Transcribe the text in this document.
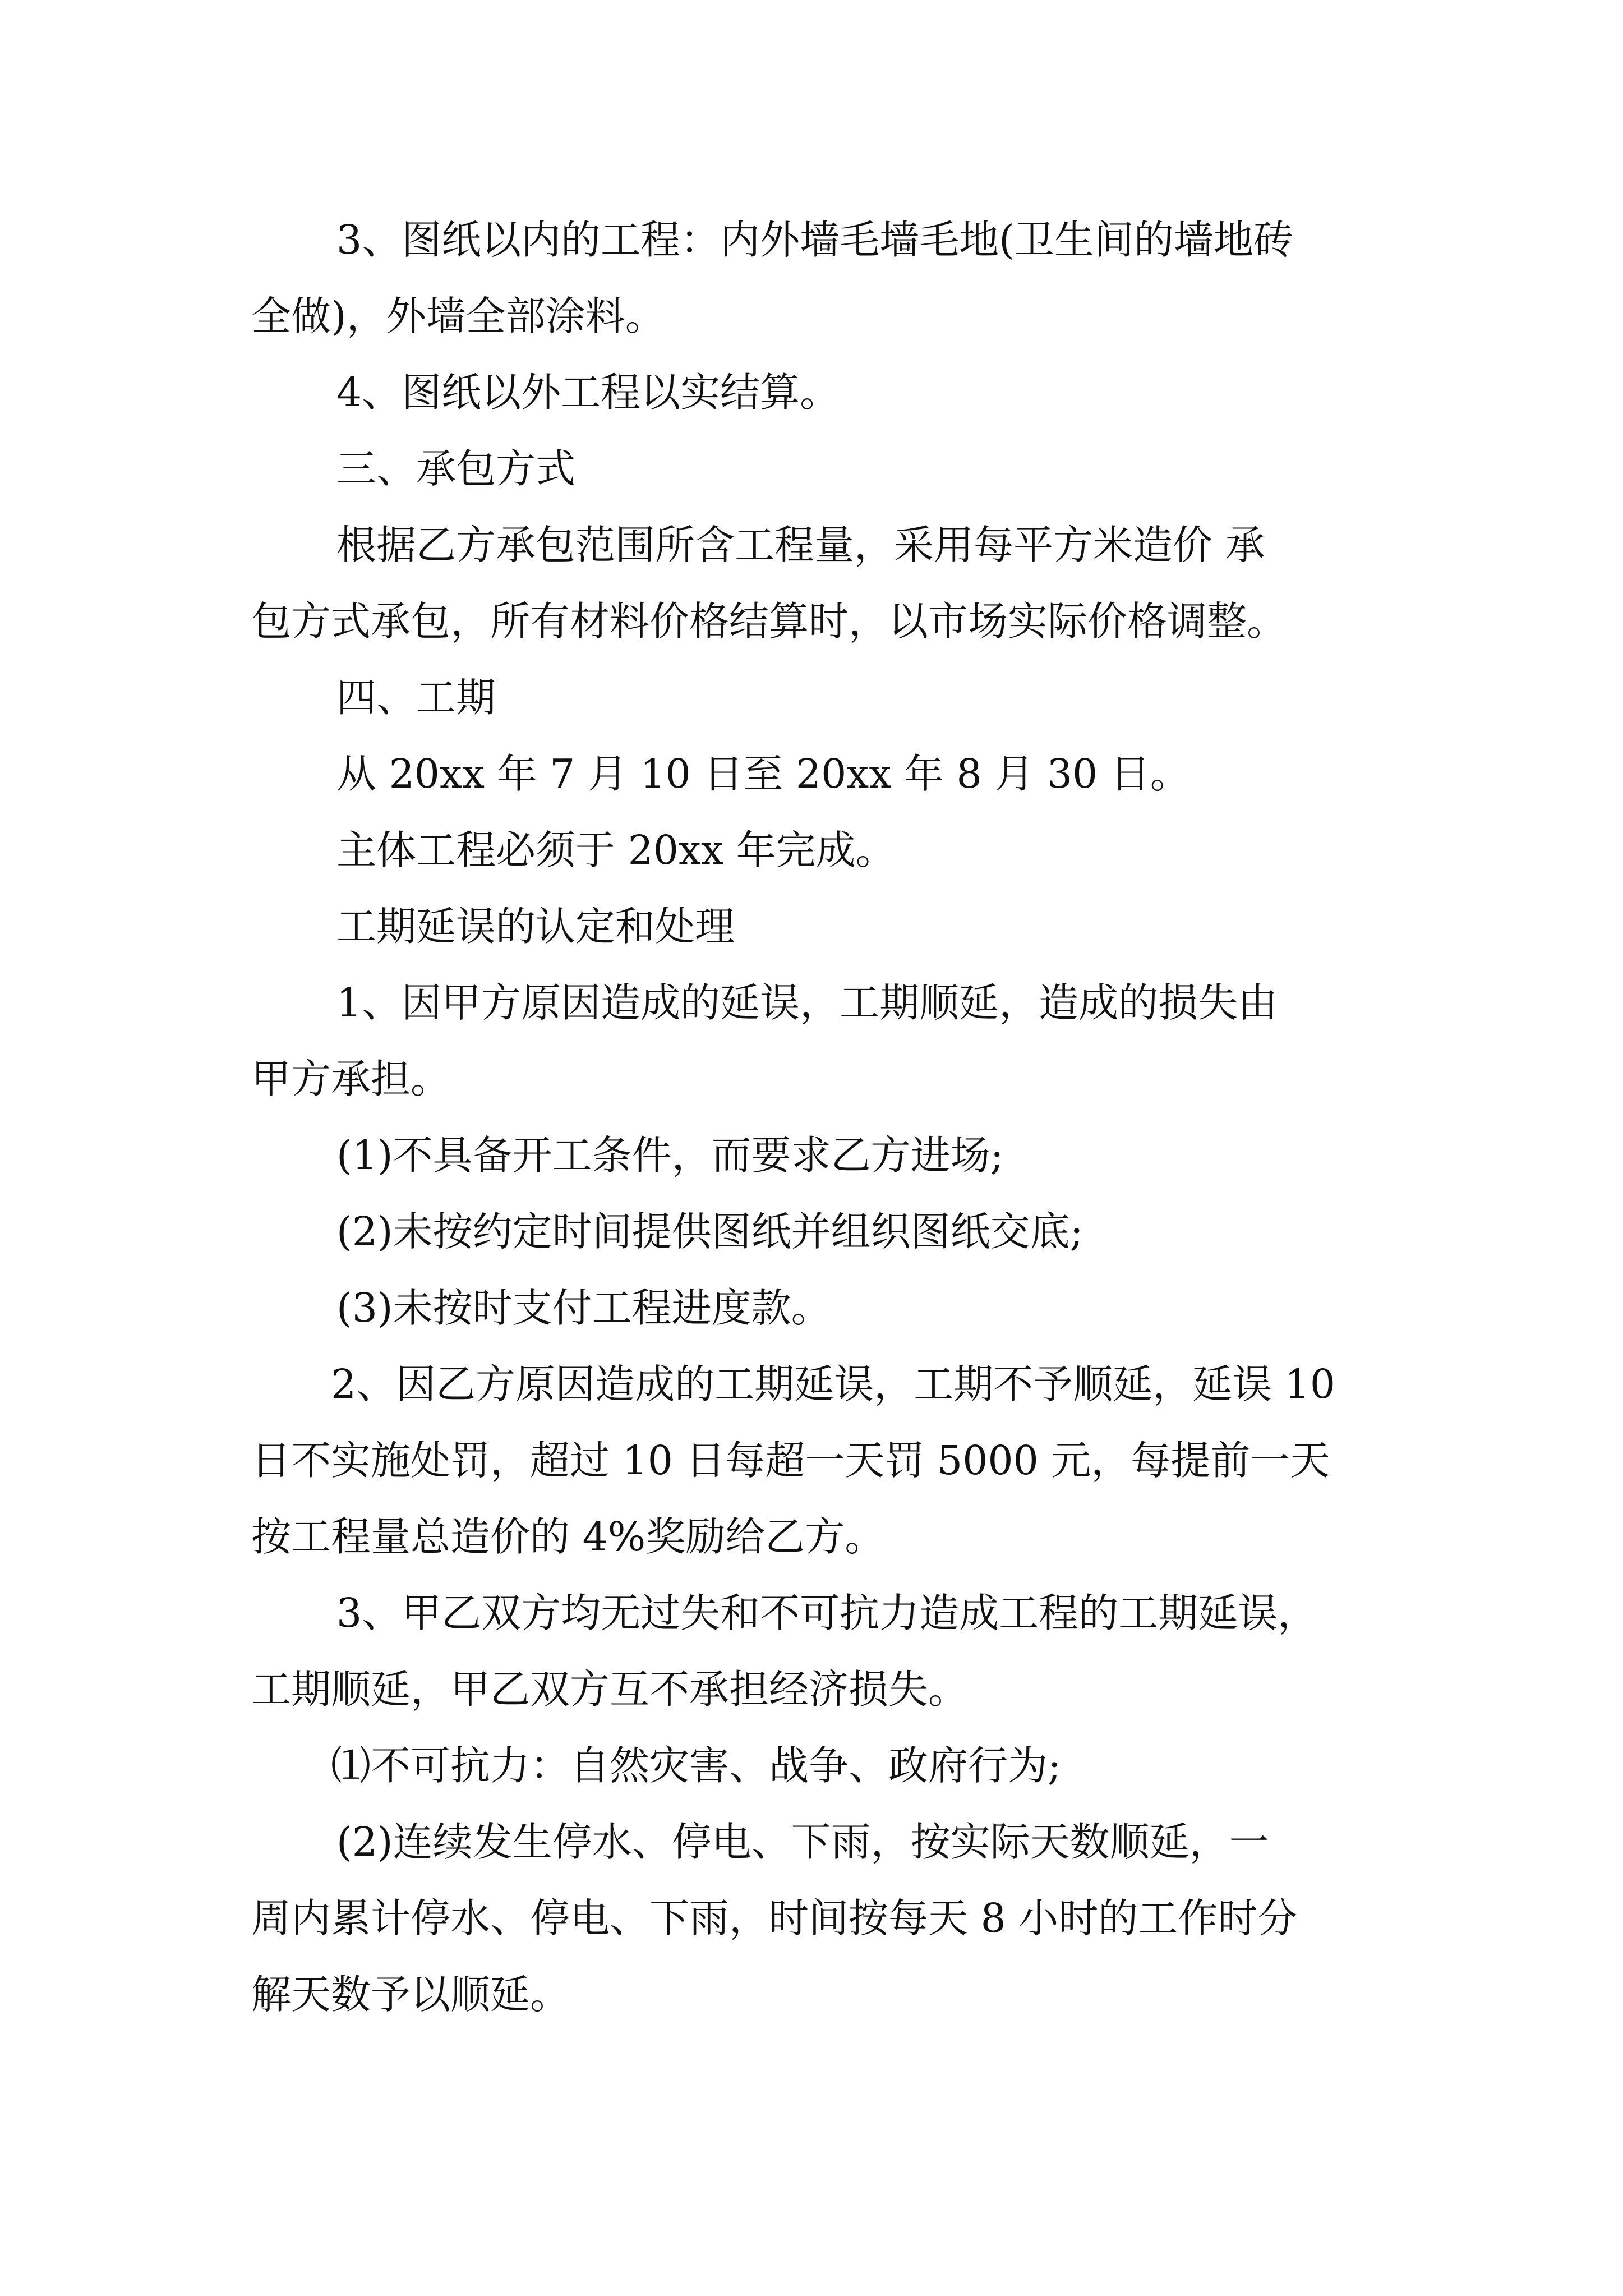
3、图纸以内的工程：内外墙毛墙毛地(卫生间的墙地砖
全做)，外墙全部涂料。
4、图纸以外工程以实结算。
三、承包方式
根据乙方承包范围所含工程量，采用每平方米造价 承
包方式承包，所有材料价格结算时，以市场实际价格调整。
四、工期
从 20xx 年 7 月 10 日至 20xx 年 8 月 30 日。
主体工程必须于 20xx 年完成。
工期延误的认定和处理
1、因甲方原因造成的延误，工期顺延，造成的损失由
甲方承担。
(1)不具备开工条件，而要求乙方进场;
(2)未按约定时间提供图纸并组织图纸交底;
(3)未按时支付工程进度款。
2、因乙方原因造成的工期延误，工期不予顺延，延误 10
日不实施处罚，超过 10 日每超一天罚 5000 元，每提前一天
按工程量总造价的 4%奖励给乙方。
3、甲乙双方均无过失和不可抗力造成工程的工期延误，
工期顺延，甲乙双方互不承担经济损失。
⑴不可抗力：自然灾害、战争、政府行为;
(2)连续发生停水、停电、下雨，按实际天数顺延，一
周内累计停水、停电、下雨，时间按每天 8 小时的工作时分
解天数予以顺延。
